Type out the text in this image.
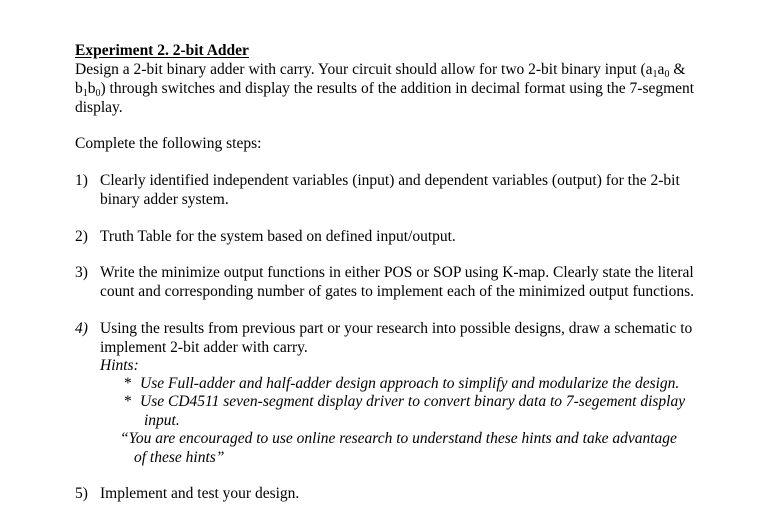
Experiment 2. 2-bit Adder
Design a 2-bit binary adder with carry. Your circuit should allow for two 2-bit binary input ($a_1a_0$ &
$b_1b_0$) through switches and display the results of the addition in decimal format using the 7-segment
display.
Complete the following steps:
1) Clearly identified independent variables (input) and dependent variables (output) for the 2-bit
binary adder system.
2) Truth Table for the system based on defined input/output.
3) Write the minimize output functions in either POS or SOP using K-map. Clearly state the literal
count and corresponding number of gates to implement each of the minimized output functions.
4) Using the results from previous part or your research into possible designs, draw a schematic to
implement 2-bit adder with carry.
Hints:
* Use Full-adder and half-adder design approach to simplify and modularize the design.
* Use CD4511 seven-segment display driver to convert binary data to 7-segement display
input.
“You are encouraged to use online research to understand these hints and take advantage
of these hints”
5) Implement and test your design.
